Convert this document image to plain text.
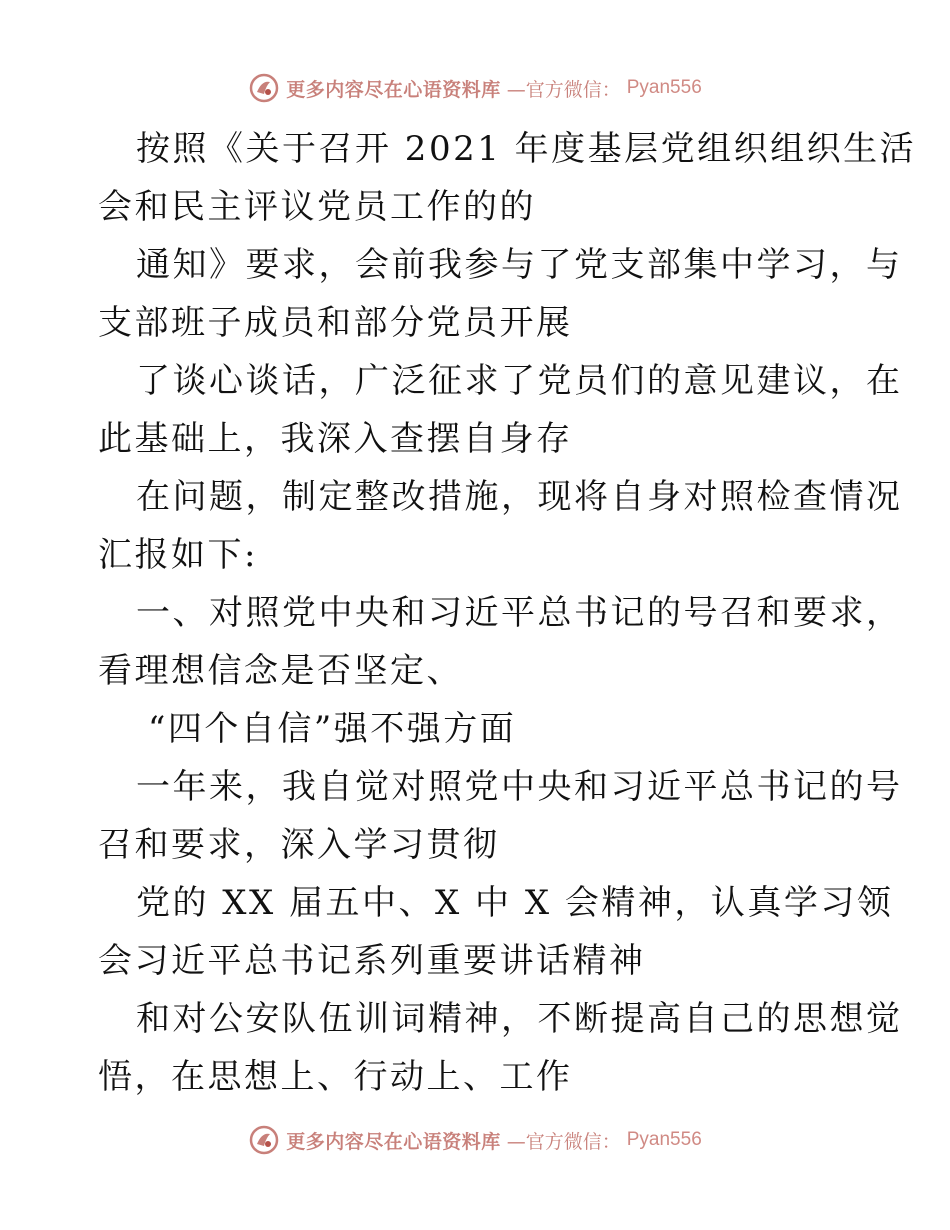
更多内容尽在心语资料库 —官方微信： Pyan556
按照《关于召开 2021 年度基层党组织组织生活
会和民主评议党员工作的的
通知》要求，会前我参与了党支部集中学习，与
支部班子成员和部分党员开展
了谈心谈话，广泛征求了党员们的意见建议，在
此基础上，我深入查摆自身存
在问题，制定整改措施，现将自身对照检查情况
汇报如下:
一、对照党中央和习近平总书记的号召和要求，
看理想信念是否坚定、
“四个自信”强不强方面
一年来，我自觉对照党中央和习近平总书记的号
召和要求，深入学习贯彻
党的 XX 届五中、X 中 X 会精神，认真学习领
会习近平总书记系列重要讲话精神
和对公安队伍训词精神，不断提高自己的思想觉
悟，在思想上、行动上、工作
更多内容尽在心语资料库 —官方微信： Pyan556
